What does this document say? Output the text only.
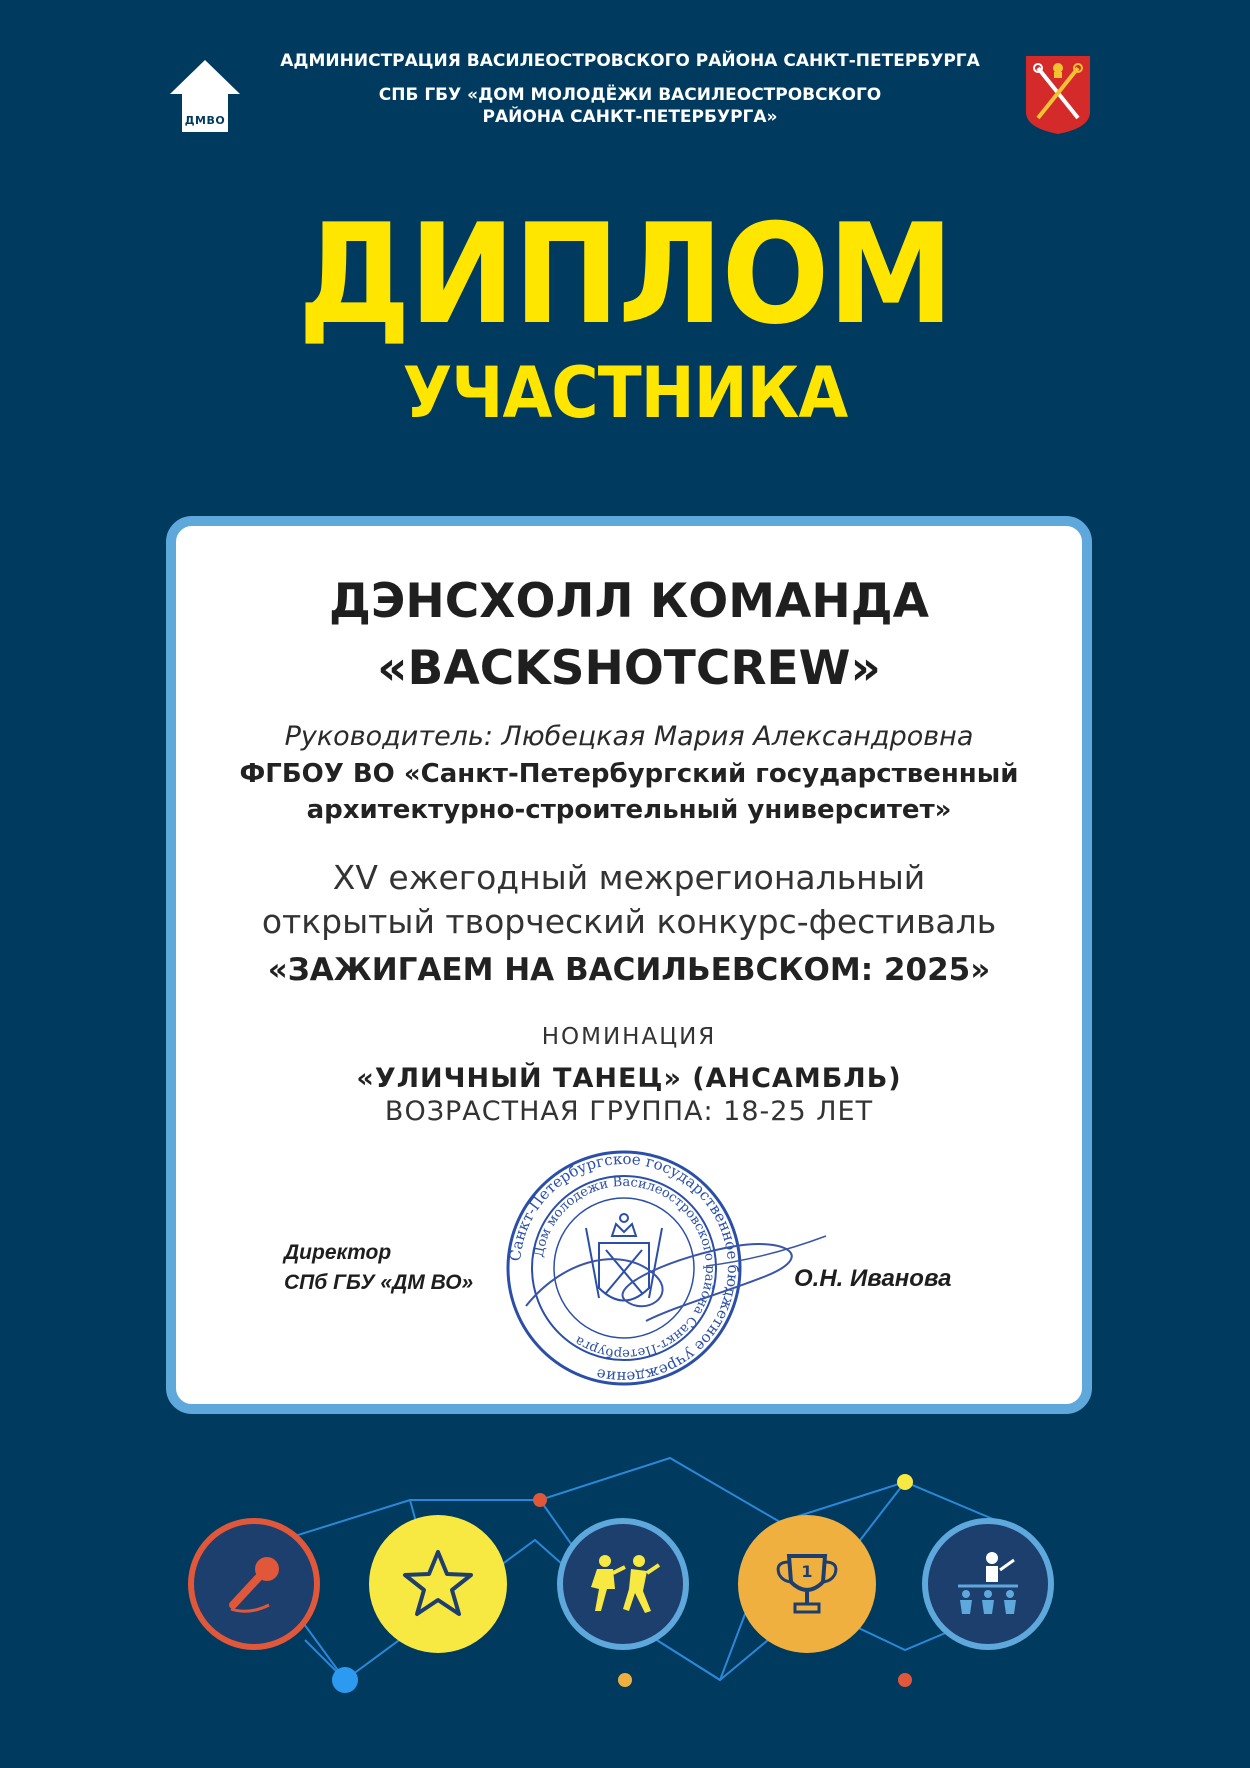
ДМВО
АДМИНИСТРАЦИЯ ВАСИЛЕОСТРОВСКОГО РАЙОНА САНКТ-ПЕТЕРБУРГА
СПБ ГБУ «ДОМ МОЛОДЁЖИ ВАСИЛЕОСТРОВСКОГО
РАЙОНА САНКТ-ПЕТЕРБУРГА»
ДИПЛОМ
УЧАСТНИКА
ДЭНСХОЛЛ КОМАНДА
«BACKSHOTCREW»
Руководитель: Любецкая Мария Александровна
ФГБОУ ВО «Санкт-Петербургский государственный
архитектурно-строительный университет»
XV ежегодный межрегиональный
открытый творческий конкурс-фестиваль
«ЗАЖИГАЕМ НА ВАСИЛЬЕВСКОМ: 2025»
НОМИНАЦИЯ
«УЛИЧНЫЙ ТАНЕЦ» (АНСАМБЛЬ)
ВОЗРАСТНАЯ ГРУППА: 18-25 ЛЕТ
Директор
СПб ГБУ «ДМ ВО»
Санкт-Петербургское государственное бюджетное учреждение
Дом молодежи Василеостровского района Санкт-Петербурга
О.Н. Иванова
1
